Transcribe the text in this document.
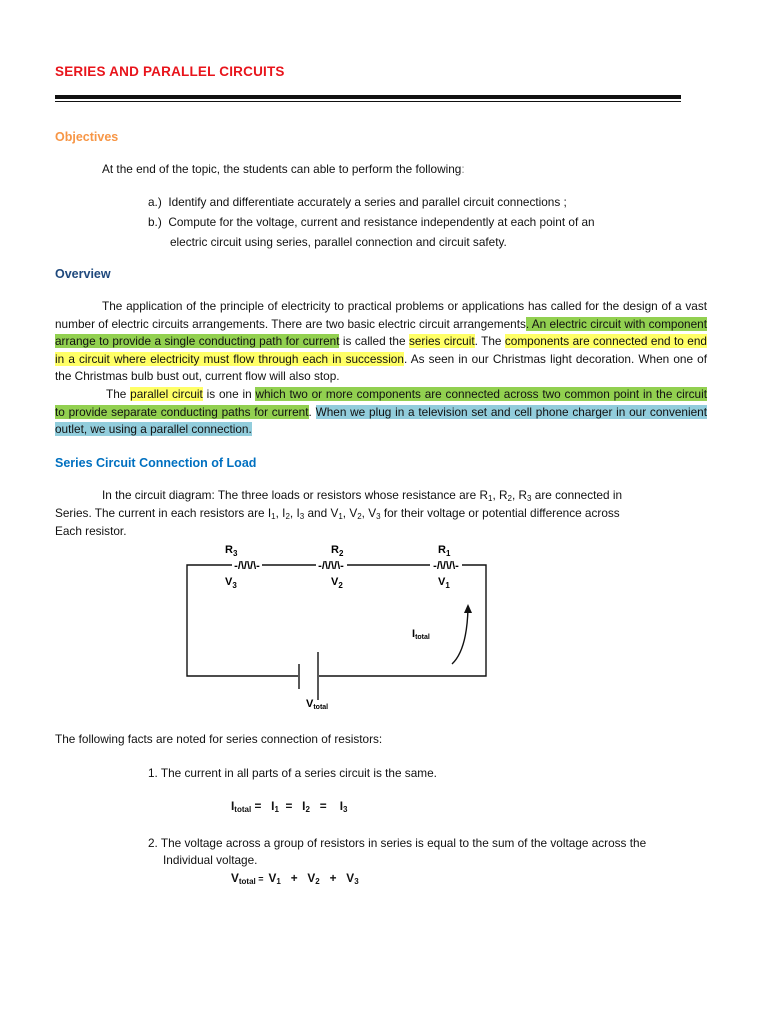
SERIES AND PARALLEL CIRCUITS
Objectives
At the end of the topic, the students can able to perform the following:
a.) Identify and differentiate accurately a series and parallel circuit connections ;
b.) Compute for the voltage, current and resistance independently at each point of an
electric circuit using series, parallel connection and circuit safety.
Overview
The application of the principle of electricity to practical problems or applications has called for the design of a vast number of electric circuits arrangements. There are two basic electric circuit arrangements. An electric circuit with component arrange to provide a single conducting path for current is called the series circuit. The components are connected end to end in a circuit where electricity must flow through each in succession. As seen in our Christmas light decoration. When one of the Christmas bulb bust out, current flow will also stop.
The parallel circuit is one in which two or more components are connected across two common point in the circuit to provide separate conducting paths for current. When we plug in a television set and cell phone charger in our convenient outlet, we using a parallel connection.
Series Circuit Connection of Load
In the circuit diagram: The three loads or resistors whose resistance are $R_1$, $R_2$, $R_3$ are connected in
Series. The current in each resistors are $I_1$, $I_2$, $I_3$ and $V_1$, $V_2$, $V_3$ for their voltage or potential difference across
Each resistor.
$R_3$	$R_2$	$R_1$
-/\/\/\-	-/\/\/\-	-/\/\/\-
$V_3$	$V_2$	$V_1$
Itotal
Vtotal
The following facts are noted for series connection of resistors:
1. The current in all parts of a series circuit is the same.
$I_{total} = I_1 = I_2$   =    $I_3$
2. The voltage across a group of resistors in series is equal to the sum of the voltage across the
Individual voltage.
$V_{total} = V_1 + V_2 + V_3$
